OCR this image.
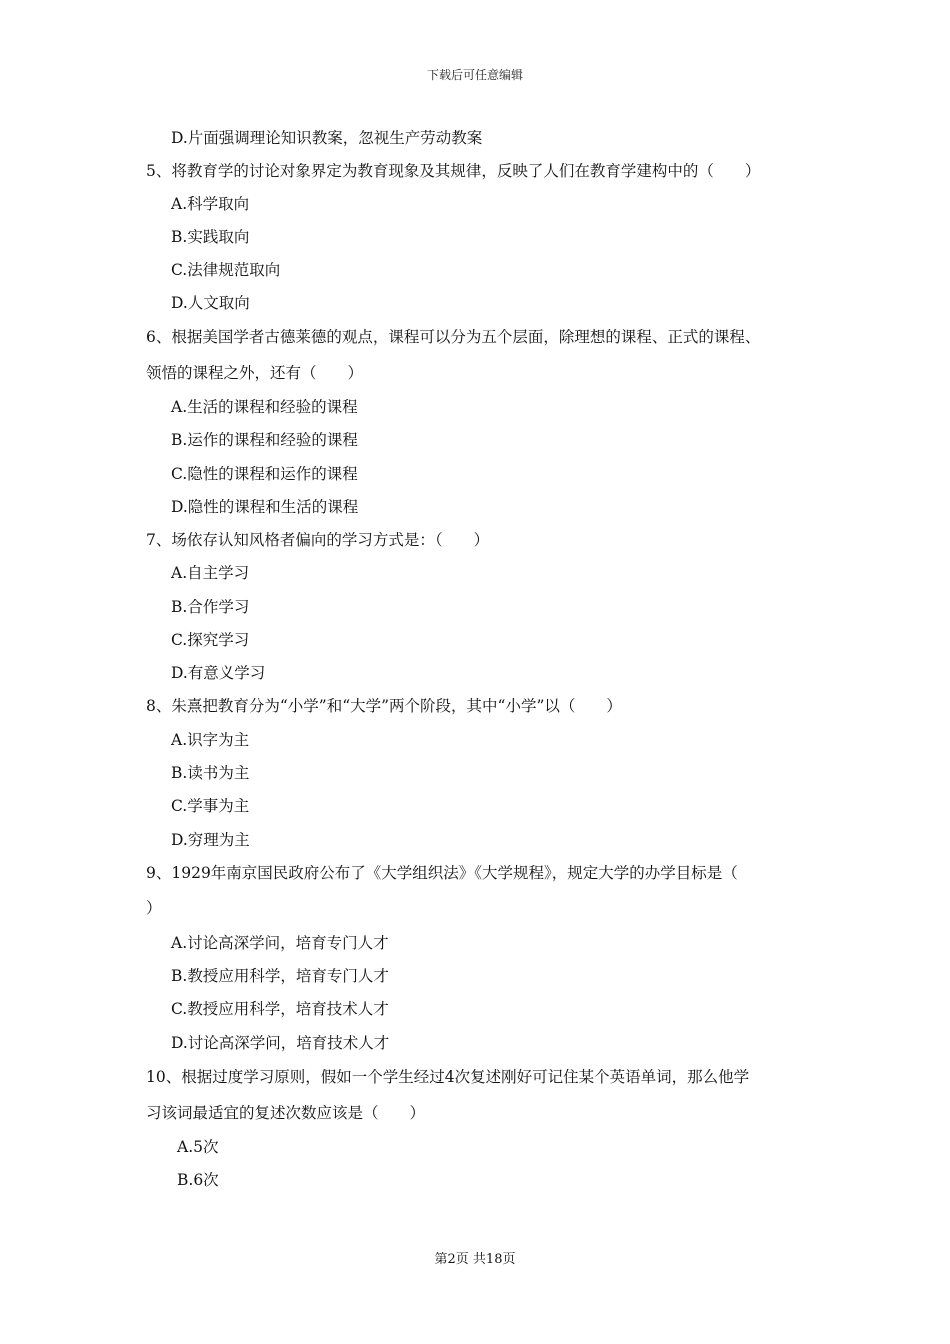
下载后可任意编辑
D.片面强调理论知识教案，忽视生产劳动教案
5、将教育学的讨论对象界定为教育现象及其规律，反映了人们在教育学建构中的（　　）
A.科学取向
B.实践取向
C.法律规范取向
D.人文取向
6、根据美国学者古德莱德的观点，课程可以分为五个层面，除理想的课程、正式的课程、
领悟的课程之外，还有（　　）
A.生活的课程和经验的课程
B.运作的课程和经验的课程
C.隐性的课程和运作的课程
D.隐性的课程和生活的课程
7、场依存认知风格者偏向的学习方式是：（　　）
A.自主学习
B.合作学习
C.探究学习
D.有意义学习
8、朱熹把教育分为“小学”和“大学”两个阶段，其中“小学”以（　　）
A.识字为主
B.读书为主
C.学事为主
D.穷理为主
9、1929年南京国民政府公布了《大学组织法》《大学规程》，规定大学的办学目标是（
）
A.讨论高深学问，培育专门人才
B.教授应用科学，培育专门人才
C.教授应用科学，培育技术人才
D.讨论高深学问，培育技术人才
10、根据过度学习原则，假如一个学生经过4次复述刚好可记住某个英语单词，那么他学
习该词最适宜的复述次数应该是（　　）
A.5次
B.6次
第2页 共18页
